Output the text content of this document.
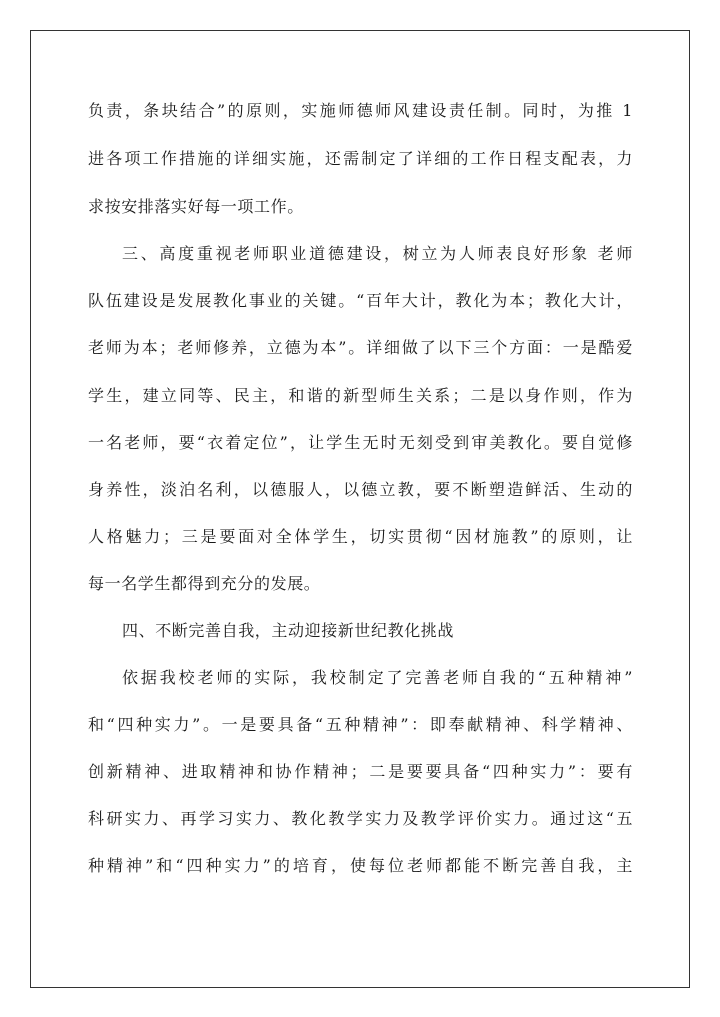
负责，条块结合”的原则，实施师德师风建设责任制。同时，为推 1
进各项工作措施的详细实施，还需制定了详细的工作日程支配表，力
求按安排落实好每一项工作。
三、高度重视老师职业道德建设，树立为人师表良好形象 老师
队伍建设是发展教化事业的关键。“百年大计，教化为本；教化大计，
老师为本；老师修养，立德为本”。详细做了以下三个方面：一是酷爱
学生，建立同等、民主，和谐的新型师生关系；二是以身作则，作为
一名老师，要“衣着定位”，让学生无时无刻受到审美教化。要自觉修
身养性，淡泊名利，以德服人，以德立教，要不断塑造鲜活、生动的
人格魅力；三是要面对全体学生，切实贯彻“因材施教”的原则，让
每一名学生都得到充分的发展。
四、不断完善自我，主动迎接新世纪教化挑战
依据我校老师的实际，我校制定了完善老师自我的“五种精神”
和“四种实力”。一是要具备“五种精神”：即奉献精神、科学精神、
创新精神、进取精神和协作精神；二是要要具备“四种实力”：要有
科研实力、再学习实力、教化教学实力及教学评价实力。通过这“五
种精神”和“四种实力”的培育，使每位老师都能不断完善自我，主
